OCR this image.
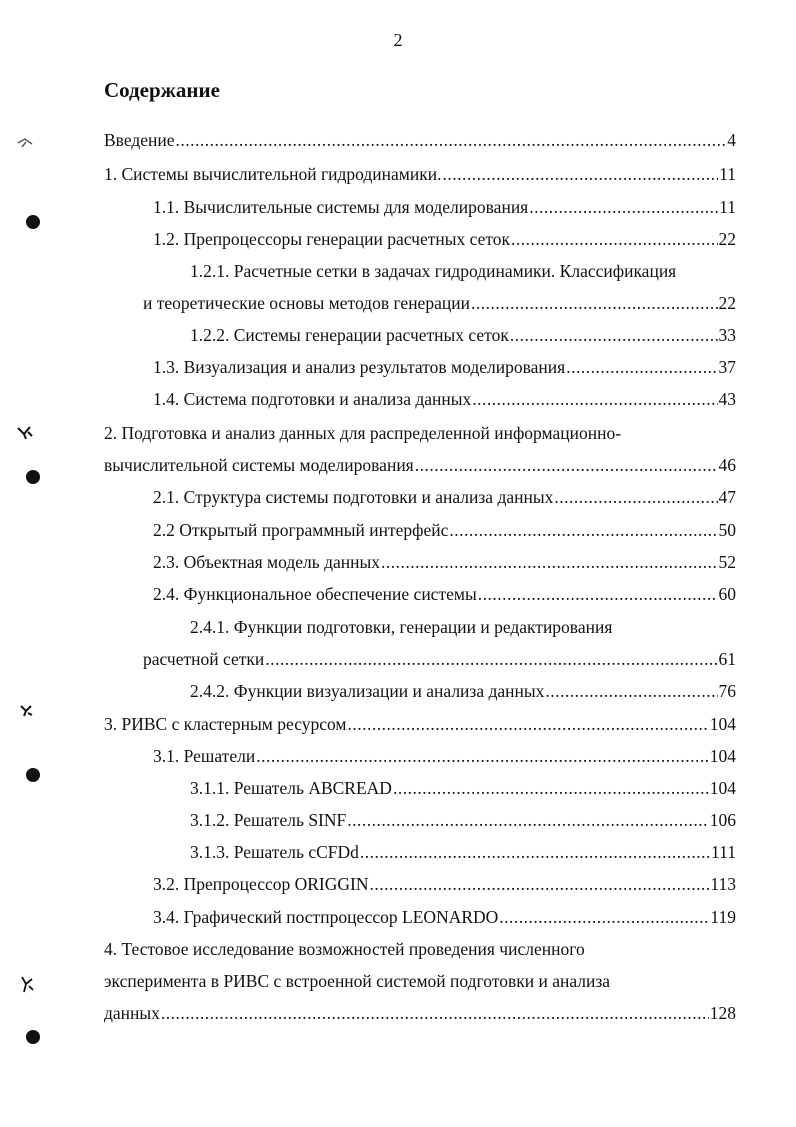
2
Содержание
Введение .....	4
1. Системы вычислительной гидродинамики. .....	11
1.1. Вычислительные системы для моделирования .....	11
1.2. Препроцессоры генерации расчетных сеток .....	22
1.2.1. Расчетные сетки в задачах гидродинамики. Классификация
и теоретические основы методов генерации .....	22
1.2.2. Системы генерации расчетных сеток .....	33
1.3. Визуализация и анализ результатов моделирования .....	37
1.4. Система подготовки и анализа данных .....	43
2. Подготовка и анализ данных для распределенной информационно-
вычислительной системы моделирования .....	46
2.1. Структура системы подготовки и анализа данных .....	47
2.2 Открытый программный интерфейс .....	50
2.3. Объектная модель данных .....	52
2.4. Функциональное обеспечение системы .....	60
2.4.1. Функции подготовки, генерации и редактирования
расчетной сетки .....	61
2.4.2. Функции визуализации и анализа данных .....	76
3. РИВС с кластерным ресурсом .....	104
3.1. Решатели .....	104
3.1.1. Решатель ABCREAD .....	104
3.1.2. Решатель SINF .....	106
3.1.3. Решатель cCFDd .....	111
3.2. Препроцессор ORIGGIN .....	113
3.4. Графический постпроцессор LEONARDO .....	119
4. Тестовое исследование возможностей проведения численного
эксперимента в РИВС с встроенной системой подготовки и анализа
данных .....	128
